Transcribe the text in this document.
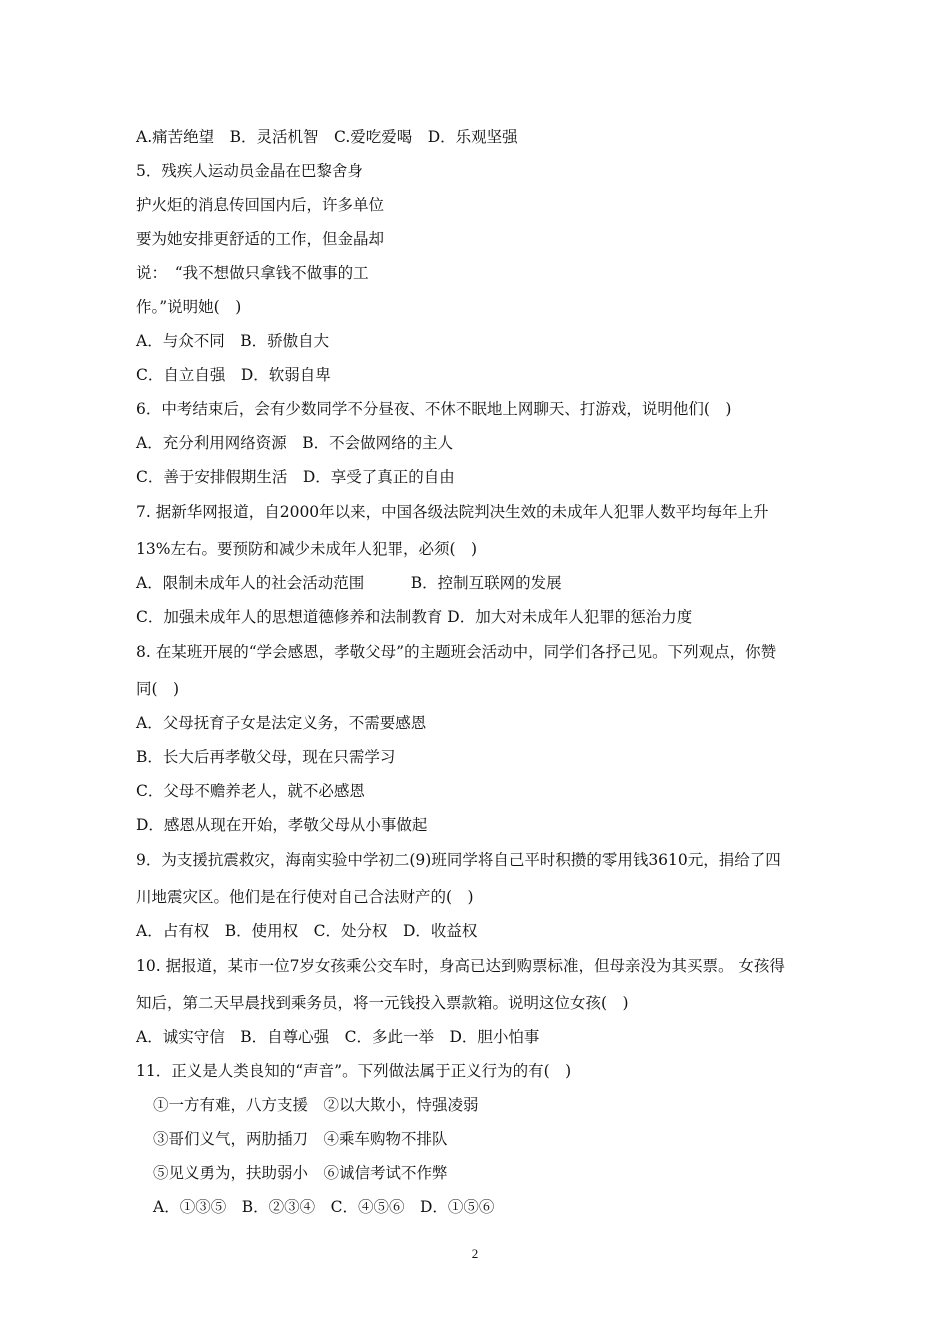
A.痛苦绝望　B．灵活机智　C.爱吃爱喝　D．乐观坚强
5．残疾人运动员金晶在巴黎舍身
护火炬的消息传回国内后，许多单位
要为她安排更舒适的工作，但金晶却
说：　“我不想做只拿钱不做事的工
作。”说明她(　)
A．与众不同　B．骄傲自大
C．自立自强　D．软弱自卑
6．中考结束后，会有少数同学不分昼夜、不休不眠地上网聊天、打游戏，说明他们(　)
A．充分利用网络资源　B．不会做网络的主人
C．善于安排假期生活　D．享受了真正的自由
7. 据新华网报道，自2000年以来，中国各级法院判决生效的未成年人犯罪人数平均每年上升
13%左右。要预防和减少未成年人犯罪，必须(　)
A．限制未成年人的社会活动范围　　　B．控制互联网的发展
C．加强未成年人的思想道德修养和法制教育 D．加大对未成年人犯罪的惩治力度
8. 在某班开展的“学会感恩，孝敬父母”的主题班会活动中，同学们各抒己见。下列观点，你赞
同(　)
A．父母抚育子女是法定义务，不需要感恩
B．长大后再孝敬父母，现在只需学习
C．父母不赡养老人，就不必感恩
D．感恩从现在开始，孝敬父母从小事做起
9．为支援抗震救灾，海南实验中学初二(9)班同学将自己平时积攒的零用钱3610元，捐给了四
川地震灾区。他们是在行使对自己合法财产的(　)
A．占有权　B．使用权　C．处分权　D．收益权
10. 据报道，某市一位7岁女孩乘公交车时，身高已达到购票标准，但母亲没为其买票。 女孩得
知后，第二天早晨找到乘务员，将一元钱投入票款箱。说明这位女孩(　)
A．诚实守信　B．自尊心强　C．多此一举　D．胆小怕事
11．正义是人类良知的“声音”。下列做法属于正义行为的有(　)
①一方有难，八方支援　②以大欺小，恃强凌弱
③哥们义气，两肋插刀　④乘车购物不排队
⑤见义勇为，扶助弱小　⑥诚信考试不作弊
A．①③⑤　B．②③④　C．④⑤⑥　D．①⑤⑥
2
